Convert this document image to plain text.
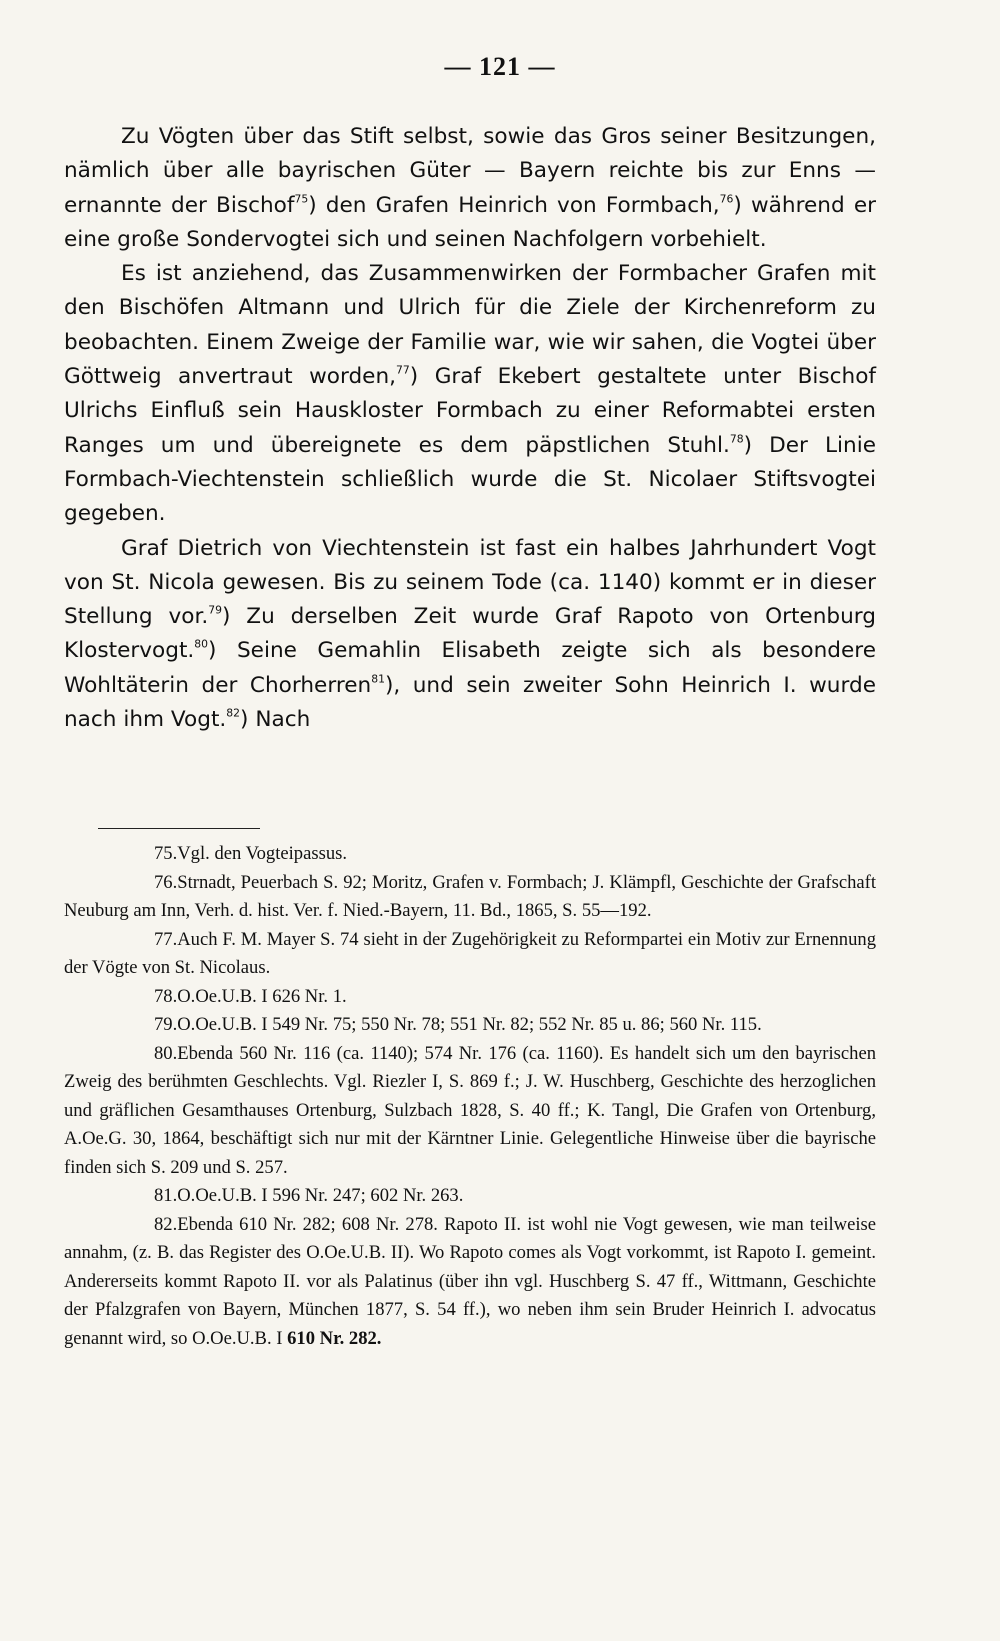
— 121 —

Zu Vögten über das Stift selbst, sowie das Gros seiner Besitzungen, nämlich über alle bayrischen Güter — Bayern reichte bis zur Enns — ernannte der Bischof$^{75}$) den Grafen Heinrich von Formbach,$^{76}$) während er eine große Sondervogtei sich und seinen Nachfolgern vorbehielt.

Es ist anziehend, das Zusammenwirken der Formbacher Grafen mit den Bischöfen Altmann und Ulrich für die Ziele der Kirchenreform zu beobachten. Einem Zweige der Familie war, wie wir sahen, die Vogtei über Göttweig anvertraut worden,$^{77}$) Graf Ekebert gestaltete unter Bischof Ulrichs Einfluß sein Hauskloster Formbach zu einer Reformabtei ersten Ranges um und übereignete es dem päpstlichen Stuhl.$^{78}$) Der Linie Formbach-Viechtenstein schließlich wurde die St. Nicolaer Stiftsvogtei gegeben.

Graf Dietrich von Viechtenstein ist fast ein halbes Jahrhundert Vogt von St. Nicola gewesen. Bis zu seinem Tode (ca. 1140) kommt er in dieser Stellung vor.$^{79}$) Zu derselben Zeit wurde Graf Rapoto von Ortenburg Klostervogt.$^{80}$) Seine Gemahlin Elisabeth zeigte sich als besondere Wohltäterin der Chorherren$^{81}$), und sein zweiter Sohn Heinrich I. wurde nach ihm Vogt.$^{82}$) Nach

75.Vgl. den Vogteipassus.

76.Strnadt, Peuerbach S. 92; Moritz, Grafen v. Formbach; J. Klämpfl, Geschichte der Grafschaft Neuburg am Inn, Verh. d. hist. Ver. f. Nied.-Bayern, 11. Bd., 1865, S. 55—192.

77.Auch F. M. Mayer S. 74 sieht in der Zugehörigkeit zu Reformpartei ein Motiv zur Ernennung der Vögte von St. Nicolaus.

78.O.Oe.U.B. I 626 Nr. 1.

79.O.Oe.U.B. I 549 Nr. 75; 550 Nr. 78; 551 Nr. 82; 552 Nr. 85 u. 86; 560 Nr. 115.

80.Ebenda 560 Nr. 116 (ca. 1140); 574 Nr. 176 (ca. 1160). Es handelt sich um den bayrischen Zweig des berühmten Geschlechts. Vgl. Riezler I, S. 869 f.; J. W. Huschberg, Geschichte des herzoglichen und gräflichen Gesamthauses Ortenburg, Sulzbach 1828, S. 40 ff.; K. Tangl, Die Grafen von Ortenburg, A.Oe.G. 30, 1864, beschäftigt sich nur mit der Kärntner Linie. Gelegentliche Hinweise über die bayrische finden sich S. 209 und S. 257.

81.O.Oe.U.B. I 596 Nr. 247; 602 Nr. 263.

82.Ebenda 610 Nr. 282; 608 Nr. 278. Rapoto II. ist wohl nie Vogt gewesen, wie man teilweise annahm, (z. B. das Register des O.Oe.U.B. II). Wo Rapoto comes als Vogt vorkommt, ist Rapoto I. gemeint. Andererseits kommt Rapoto II. vor als Palatinus (über ihn vgl. Huschberg S. 47 ff., Wittmann, Geschichte der Pfalzgrafen von Bayern, München 1877, S. 54 ff.), wo neben ihm sein Bruder Heinrich I. advocatus genannt wird, so O.Oe.U.B. I 610 Nr. 282.
